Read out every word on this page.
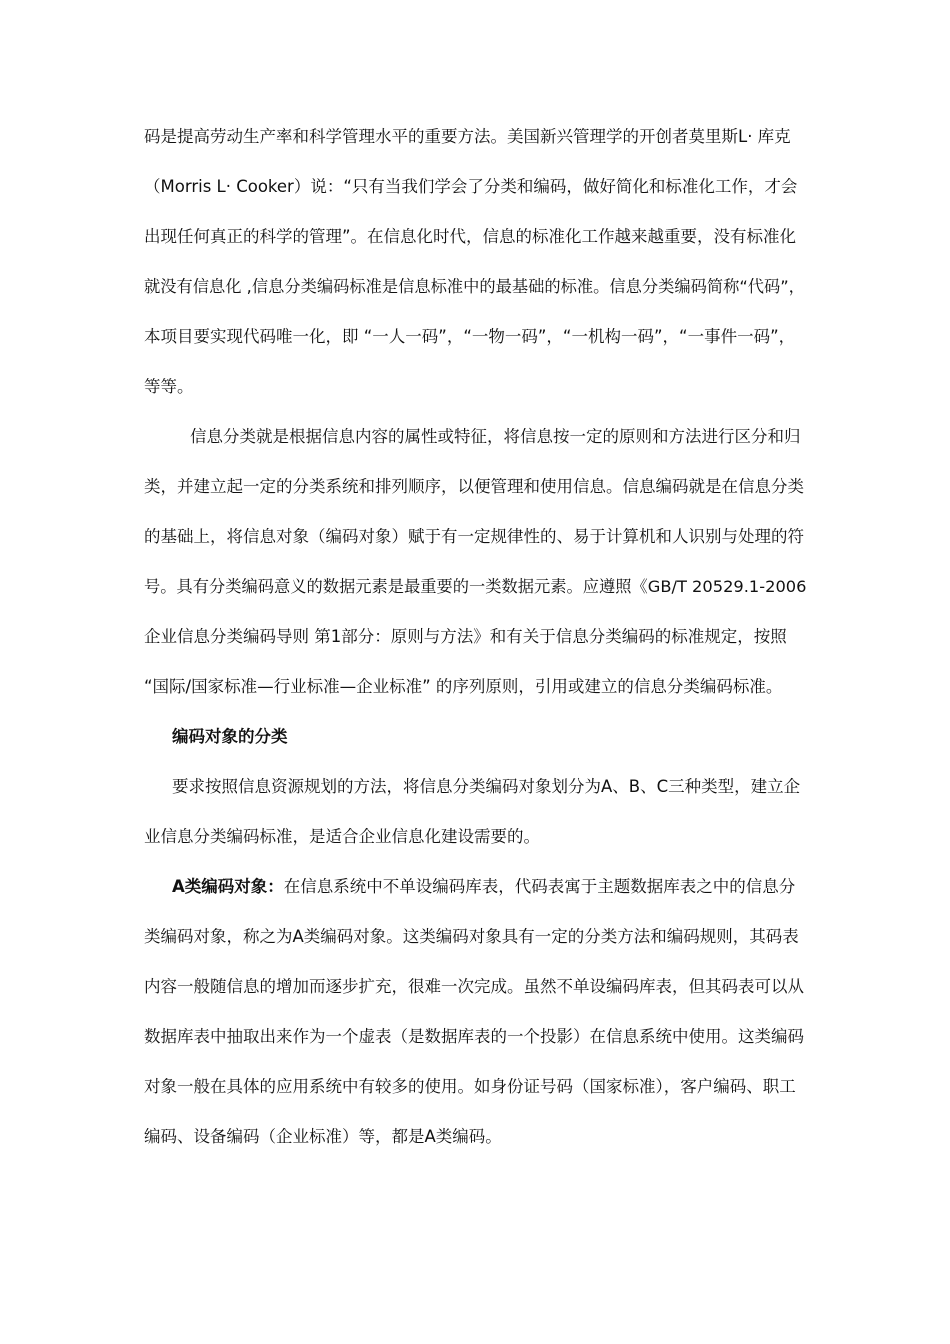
码是提高劳动生产率和科学管理水平的重要方法。美国新兴管理学的开创者莫里斯L· 库克
（Morris L· Cooker）说：“只有当我们学会了分类和编码，做好简化和标准化工作，才会
出现任何真正的科学的管理”。在信息化时代，信息的标准化工作越来越重要，没有标准化
就没有信息化 ,信息分类编码标准是信息标准中的最基础的标准。信息分类编码简称“代码”，
本项目要实现代码唯一化，即 “一人一码”，“一物一码”，“一机构一码”，“一事件一码”，
等等。
信息分类就是根据信息内容的属性或特征，将信息按一定的原则和方法进行区分和归
类，并建立起一定的分类系统和排列顺序，以便管理和使用信息。信息编码就是在信息分类
的基础上，将信息对象（编码对象）赋于有一定规律性的、易于计算机和人识别与处理的符
号。具有分类编码意义的数据元素是最重要的一类数据元素。应遵照《GB/T 20529.1-2006
企业信息分类编码导则 第1部分：原则与方法》和有关于信息分类编码的标准规定，按照
“国际/国家标准—行业标准—企业标准” 的序列原则，引用或建立的信息分类编码标准。
编码对象的分类
要求按照信息资源规划的方法，将信息分类编码对象划分为A、B、C三种类型，建立企
业信息分类编码标准，是适合企业信息化建设需要的。
A类编码对象：在信息系统中不单设编码库表，代码表寓于主题数据库表之中的信息分
类编码对象，称之为A类编码对象。这类编码对象具有一定的分类方法和编码规则，其码表
内容一般随信息的增加而逐步扩充，很难一次完成。虽然不单设编码库表，但其码表可以从
数据库表中抽取出来作为一个虚表（是数据库表的一个投影）在信息系统中使用。这类编码
对象一般在具体的应用系统中有较多的使用。如身份证号码（国家标准），客户编码、职工
编码、设备编码（企业标准）等，都是A类编码。
